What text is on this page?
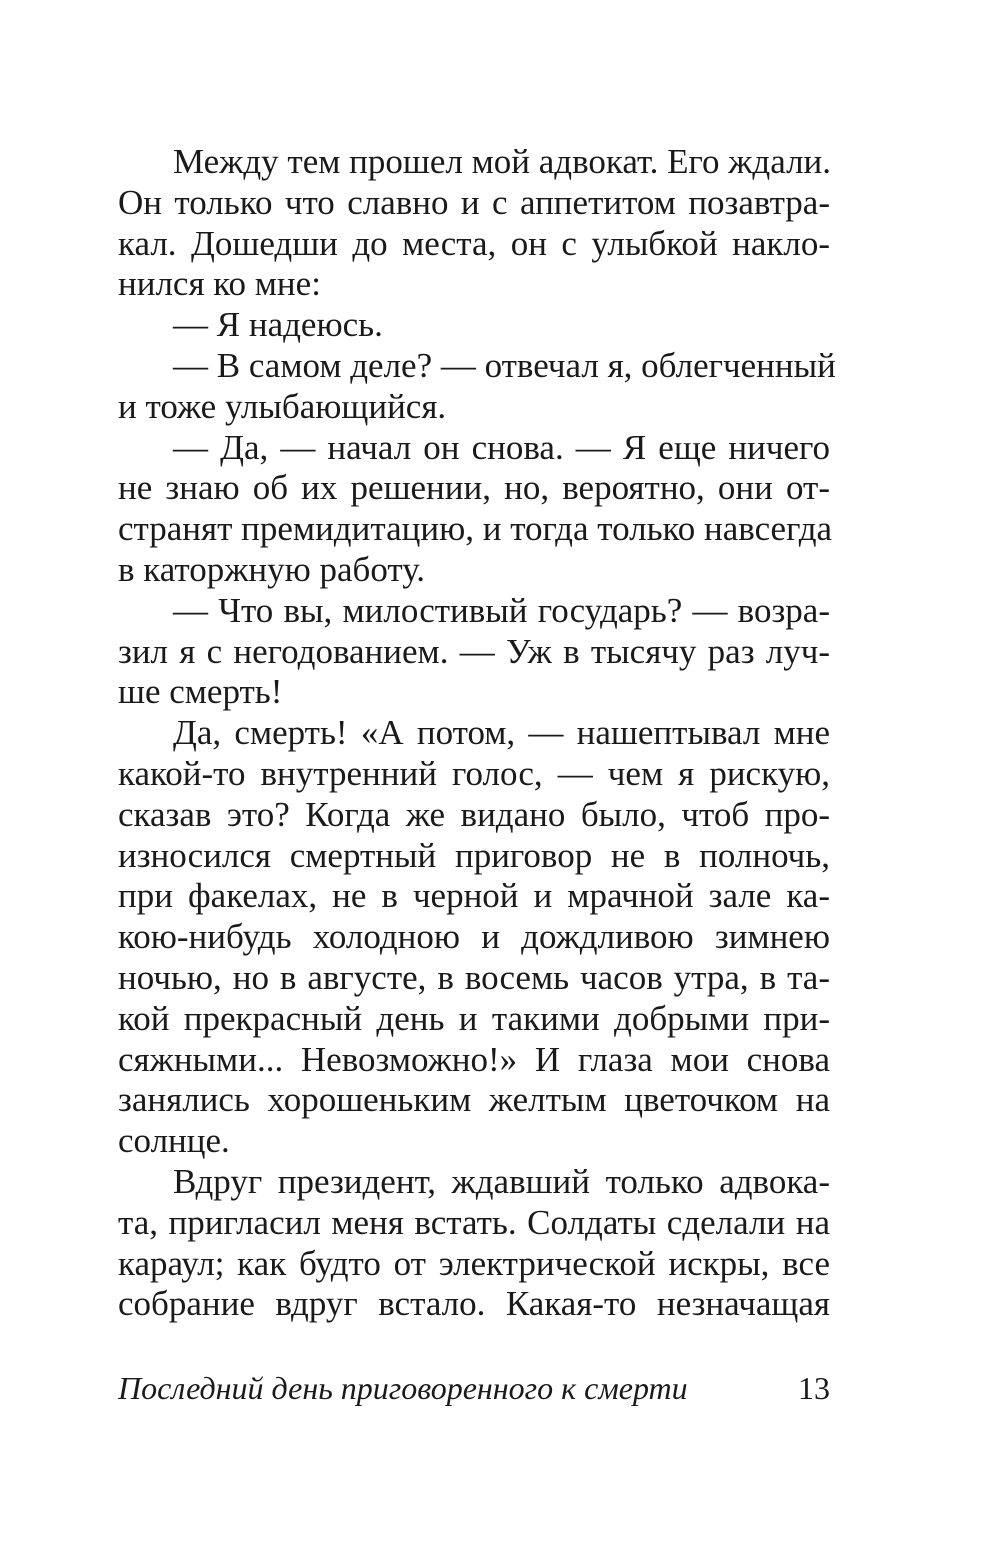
Между тем прошел мой адвокат. Его ждали.
Он только что славно и с аппетитом позавтра-
кал. Дошедши до места, он с улыбкой накло-
нился ко мне:
— Я надеюсь.
— В самом деле? — отвечал я, облегченный
и тоже улыбающийся.
— Да, — начал он снова. — Я еще ничего
не знаю об их решении, но, вероятно, они от-
странят премидитацию, и тогда только навсегда
в каторжную работу.
— Что вы, милостивый государь? — возра-
зил я с негодованием. — Уж в тысячу раз луч-
ше смерть!
Да, смерть! «А потом, — нашептывал мне
какой-то внутренний голос, — чем я рискую,
сказав это? Когда же видано было, чтоб про-
износился смертный приговор не в полночь,
при факелах, не в черной и мрачной зале ка-
кою-нибудь холодною и дождливою зимнею
ночью, но в августе, в восемь часов утра, в та-
кой прекрасный день и такими добрыми при-
сяжными... Невозможно!» И глаза мои снова
занялись хорошеньким желтым цветочком на
солнце.
Вдруг президент, ждавший только адвока-
та, пригласил меня встать. Солдаты сделали на
караул; как будто от электрической искры, все
собрание вдруг встало. Какая-то незначащая
Последний день приговоренного к смерти	13
